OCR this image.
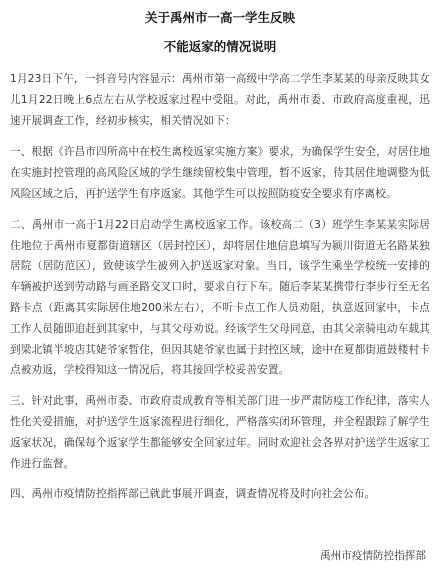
关于禹州市一高一学生反映
不能返家的情况说明

1月23日下午，一抖音号内容显示：禹州市第一高级中学高二学生李某某的母亲反映其女儿1月22日晚上6点左右从学校返家过程中受阻。对此，禹州市委、市政府高度重视，迅速开展调查工作，经初步核实，相关情况如下：

一、根据《许昌市四所高中在校生离校返家实施方案》要求，为确保学生安全，对居住地在实施封控管理的高风险区域的学生继续留校集中管理，暂不返家，待其居住地调整为低风险区域之后，再护送学生有序返家。其他学生可以按照防疫安全要求有序离校。

二、禹州市一高于1月22日启动学生离校返家工作。该校高二（3）班学生李某某实际居住地位于禹州市夏都街道辖区（居封控区），却将居住地信息填写为颍川街道无名路某独居院（居防范区），致使该学生被列入护送返家对象。当日，该学生乘坐学校统一安排的车辆被护送到劳动路与画圣路交叉口时，要求自行下车。随后李某某携带行李步行至无名路卡点（距离其实际居住地200米左右），不听卡点工作人员劝阻，执意返回家中，卡点工作人员随即追赶到其家中，与其父母劝说。经该学生父母同意，由其父亲骑电动车载其到梁北镇半坡店其姥爷家暂住，但因其姥爷家也属于封控区域，途中在夏都街道鼓楼村卡点被劝返，学校得知这一情况后，将其接回学校妥善安置。

三、针对此事，禹州市委、市政府责成教育等相关部门进一步严肃防疫工作纪律，落实人性化关爱措施，对护送学生返家流程进行细化，严格落实闭环管理，并全程跟踪了解学生返家状况，确保每个返家学生都能够安全回家过年。同时欢迎社会各界对护送学生返家工作进行监督。

四、禹州市疫情防控指挥部已就此事展开调查，调查情况将及时向社会公布。

禹州市疫情防控指挥部
